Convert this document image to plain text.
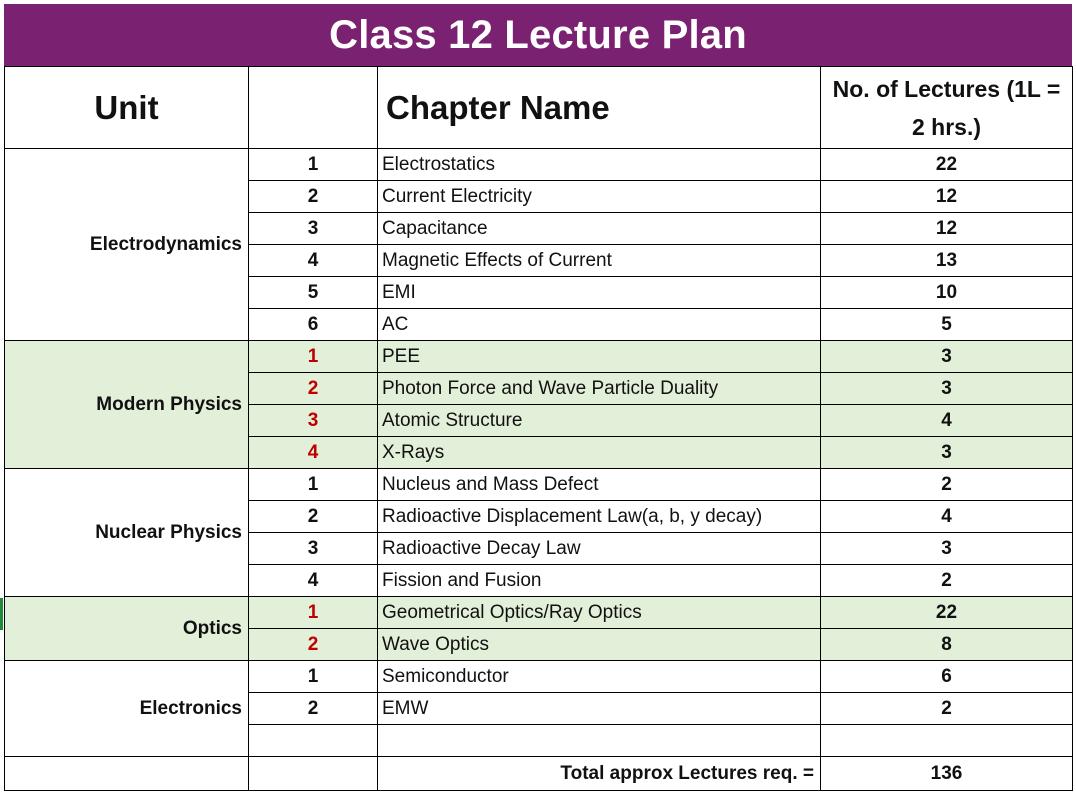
Class 12 Lecture Plan
Unit		Chapter Name	No. of Lectures (1L =
2 hrs.)

Electrodynamics	1	Electrostatics	22
	2	Current Electricity	12
	3	Capacitance	12
	4	Magnetic Effects of Current	13
	5	EMI	10
	6	AC	5
Modern Physics	1	PEE	3
	2	Photon Force and Wave Particle Duality	3
	3	Atomic Structure	4
	4	X-Rays	3
Nuclear Physics	1	Nucleus and Mass Defect	2
	2	Radioactive Displacement Law(a, b, y decay)	4
	3	Radioactive Decay Law	3
	4	Fission and Fusion	2
Optics	1	Geometrical Optics/Ray Optics	22
	2	Wave Optics	8
Electronics	1	Semiconductor	6
	2	EMW	2

		Total approx Lectures req. =	136
